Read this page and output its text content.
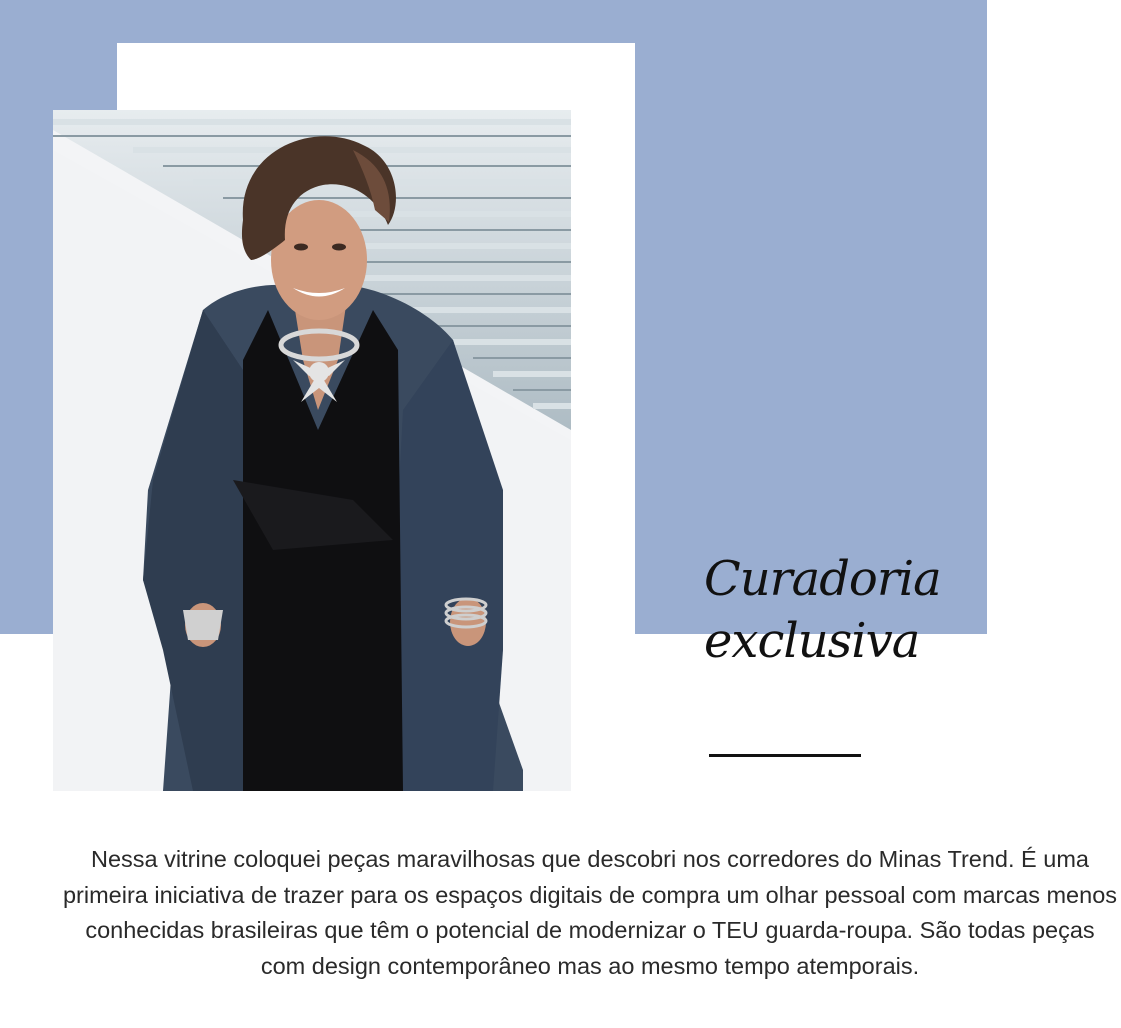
Curadoria
exclusiva

Nessa vitrine coloquei peças maravilhosas que descobri nos corredores do Minas Trend. É uma primeira iniciativa de trazer para os espaços digitais de compra um olhar pessoal com marcas menos conhecidas brasileiras que têm o potencial de modernizar o TEU guarda-roupa. São todas peças com design contemporâneo mas ao mesmo tempo atemporais.
